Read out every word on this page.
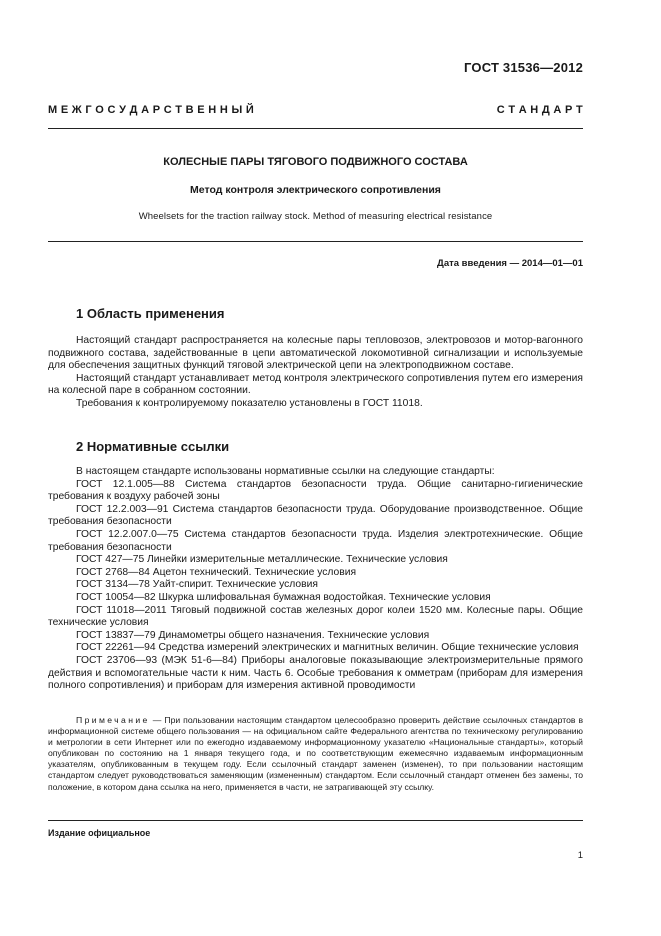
ГОСТ 31536—2012
М Е Ж Г О С У Д А Р С Т В Е Н Н Ы Й	С Т А Н Д А Р Т
КОЛЕСНЫЕ ПАРЫ ТЯГОВОГО ПОДВИЖНОГО СОСТАВА
Метод контроля электрического сопротивления
Wheelsets for the traction railway stock. Method of measuring electrical resistance
Дата введения — 2014—01—01
1 Область применения

Настоящий стандарт распространяется на колесные пары тепловозов, электровозов и мотор-вагонного подвижного состава, задействованные в цепи автоматической локомотивной сигнализации и используемые для обеспечения защитных функций тяговой электрической цепи на электроподвижном составе.

Настоящий стандарт устанавливает метод контроля электрического сопротивления путем его измерения на колесной паре в собранном состоянии.

Требования к контролируемому показателю установлены в ГОСТ 11018.

2 Нормативные ссылки

В настоящем стандарте использованы нормативные ссылки на следующие стандарты:

ГОСТ 12.1.005—88 Система стандартов безопасности труда. Общие санитарно-гигиенические требования к воздуху рабочей зоны

ГОСТ 12.2.003—91 Система стандартов безопасности труда. Оборудование производственное. Общие требования безопасности

ГОСТ 12.2.007.0—75 Система стандартов безопасности труда. Изделия электротехнические. Общие требования безопасности

ГОСТ 427—75 Линейки измерительные металлические. Технические условия

ГОСТ 2768—84 Ацетон технический. Технические условия

ГОСТ 3134—78 Уайт-спирит. Технические условия

ГОСТ 10054—82 Шкурка шлифовальная бумажная водостойкая. Технические условия

ГОСТ 11018—2011 Тяговый подвижной состав железных дорог колеи 1520 мм. Колесные пары. Общие технические условия

ГОСТ 13837—79 Динамометры общего назначения. Технические условия

ГОСТ 22261—94 Средства измерений электрических и магнитных величин. Общие технические условия

ГОСТ 23706—93 (МЭК 51-6—84) Приборы аналоговые показывающие электроизмерительные прямого действия и вспомогательные части к ним. Часть 6. Особые требования к омметрам (приборам для измерения полного сопротивления) и приборам для измерения активной проводимости

Примечание — При пользовании настоящим стандартом целесообразно проверить действие ссылочных стандартов в информационной системе общего пользования — на официальном сайте Федерального агентства по техническому регулированию и метрологии в сети Интернет или по ежегодно издаваемому информационному указателю «Национальные стандарты», который опубликован по состоянию на 1 января текущего года, и по соответствующим ежемесячно издаваемым информационным указателям, опубликованным в текущем году. Если ссылочный стандарт заменен (изменен), то при пользовании настоящим стандартом следует руководствоваться заменяющим (измененным) стандартом. Если ссылочный стандарт отменен без замены, то положение, в котором дана ссылка на него, применяется в части, не затрагивающей эту ссылку.
Издание официальное
1
